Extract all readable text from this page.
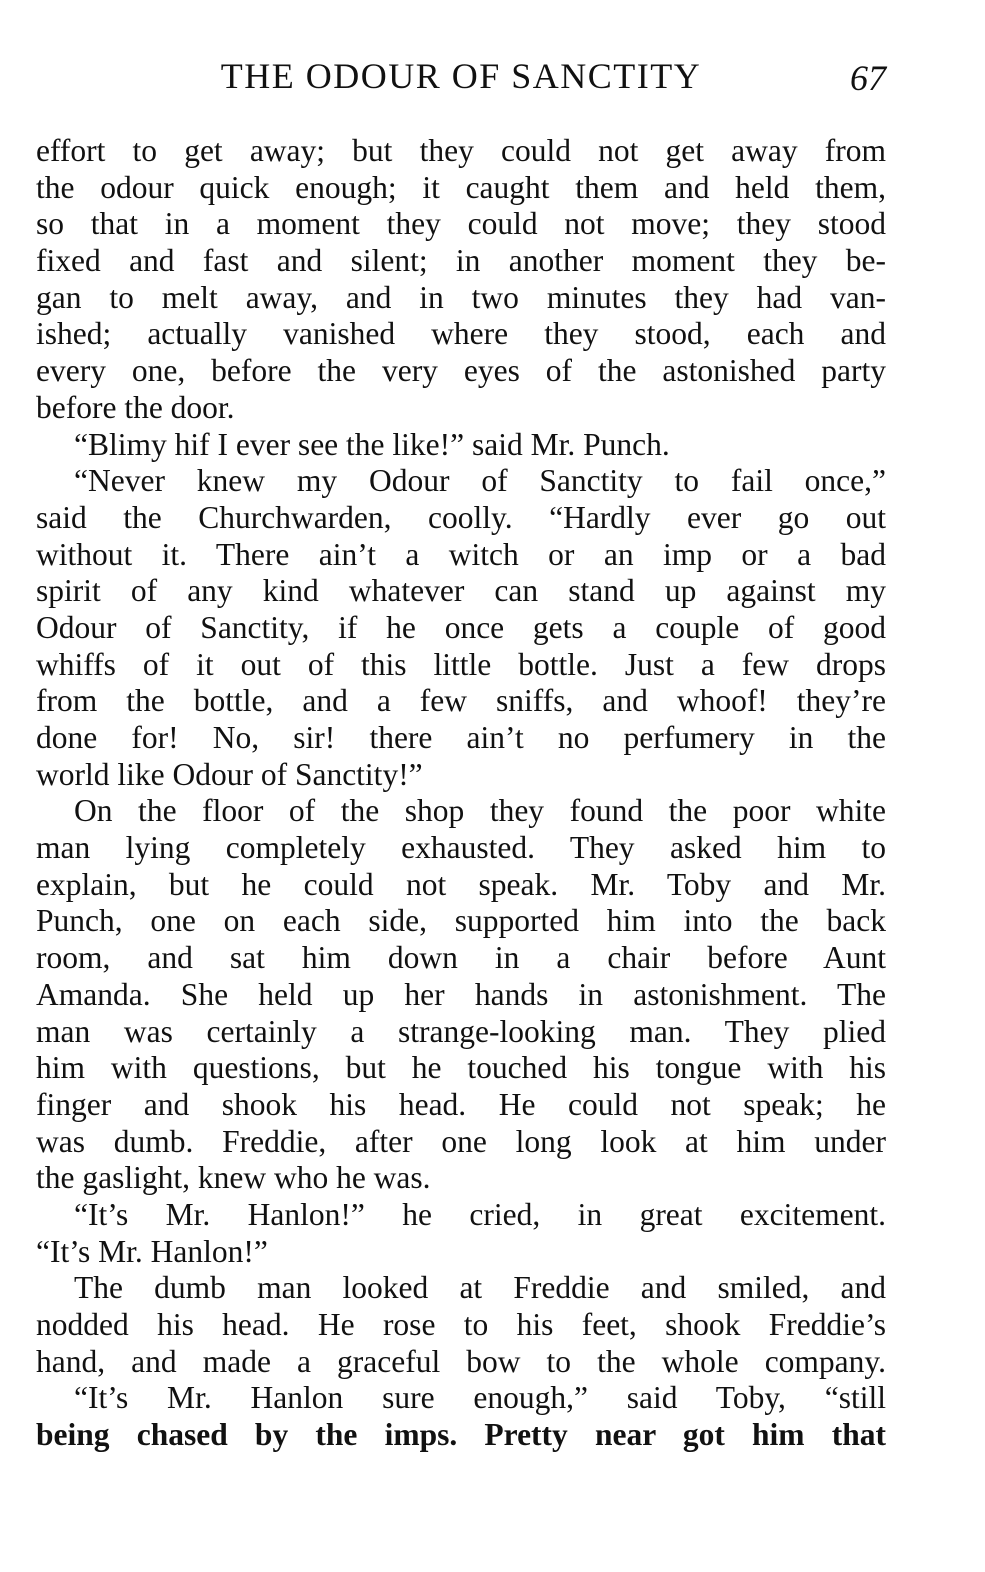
THE ODOUR OF SANCTITY	67
effort to get away; but they could not get away from
the odour quick enough; it caught them and held them,
so that in a moment they could not move; they stood
fixed and fast and silent; in another moment they be-
gan to melt away, and in two minutes they had van-
ished; actually vanished where they stood, each and
every one, before the very eyes of the astonished party
before the door.
“Blimy hif I ever see the like!” said Mr. Punch.
“Never knew my Odour of Sanctity to fail once,”
said the Churchwarden, coolly. “Hardly ever go out
without it. There ain’t a witch or an imp or a bad
spirit of any kind whatever can stand up against my
Odour of Sanctity, if he once gets a couple of good
whiffs of it out of this little bottle. Just a few drops
from the bottle, and a few sniffs, and whoof! they’re
done for! No, sir! there ain’t no perfumery in the
world like Odour of Sanctity!”
On the floor of the shop they found the poor white
man lying completely exhausted. They asked him to
explain, but he could not speak. Mr. Toby and Mr.
Punch, one on each side, supported him into the back
room, and sat him down in a chair before Aunt
Amanda. She held up her hands in astonishment. The
man was certainly a strange-looking man. They plied
him with questions, but he touched his tongue with his
finger and shook his head. He could not speak; he
was dumb. Freddie, after one long look at him under
the gaslight, knew who he was.
“It’s Mr. Hanlon!” he cried, in great excitement.
“It’s Mr. Hanlon!”
The dumb man looked at Freddie and smiled, and
nodded his head. He rose to his feet, shook Freddie’s
hand, and made a graceful bow to the whole company.
“It’s Mr. Hanlon sure enough,” said Toby, “still
being chased by the imps. Pretty near got him that
